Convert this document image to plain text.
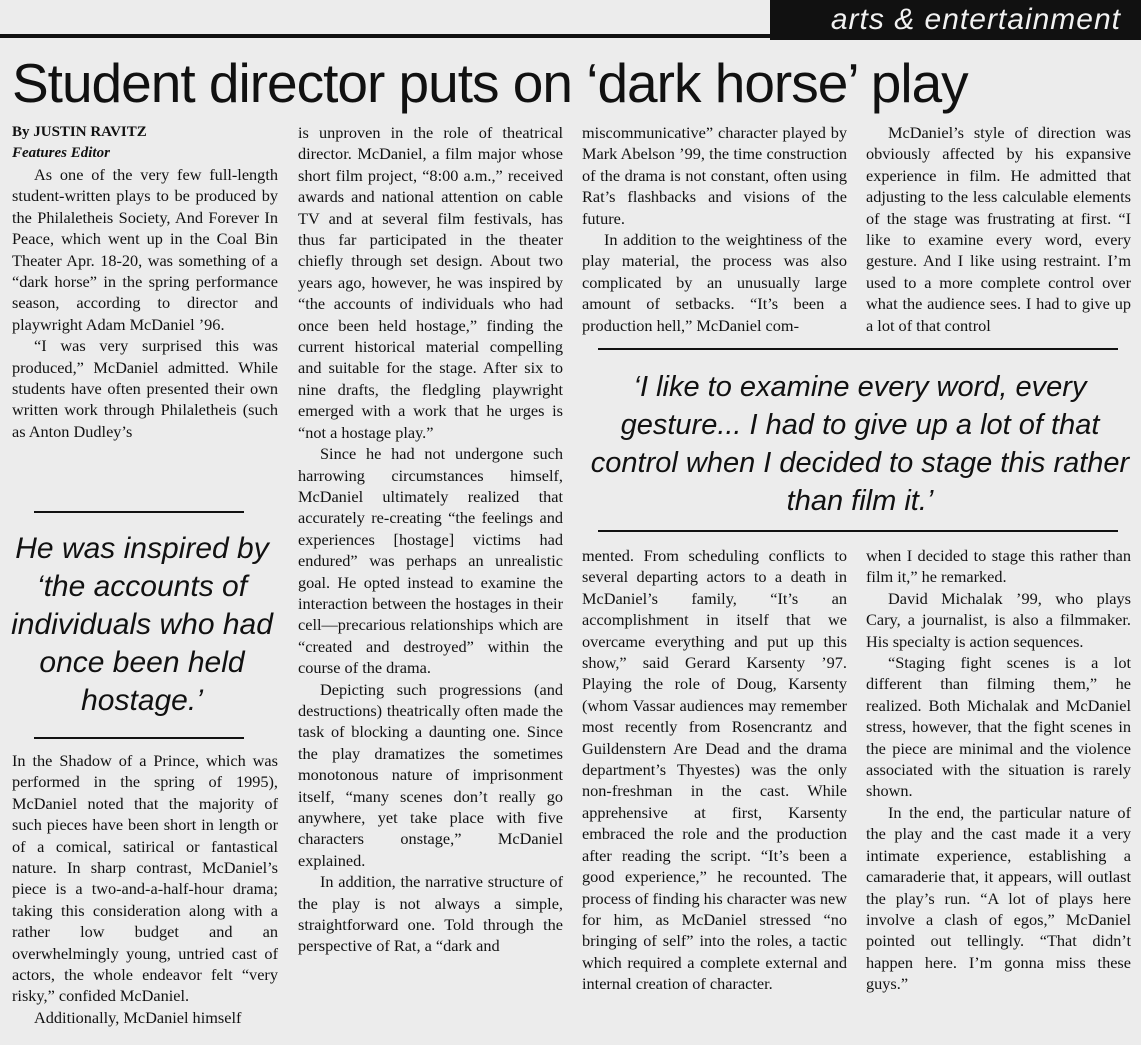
arts & entertainment
Student director puts on ‘dark horse’ play

By JUSTIN RAVITZ

Features Editor

As one of the very few full-length student-written plays to be produced by the Philaletheis Society, And Forever In Peace, which went up in the Coal Bin Theater Apr. 18-20, was something of a “dark horse” in the spring performance season, according to director and playwright Adam McDaniel ’96.

“I was very surprised this was produced,” McDaniel admitted. While students have often presented their own written work through Philaletheis (such as Anton Dudley’s

He was inspired by ‘the accounts of individuals who had once been held hostage.’

In the Shadow of a Prince, which was performed in the spring of 1995), McDaniel noted that the majority of such pieces have been short in length or of a comical, satirical or fantastical nature. In sharp contrast, McDaniel’s piece is a two-and-a-half-hour drama; taking this consideration along with a rather low budget and an overwhelmingly young, untried cast of actors, the whole endeavor felt “very risky,” confided McDaniel.

Additionally, McDaniel himself

is unproven in the role of theatrical director. McDaniel, a film major whose short film project, “8:00 a.m.,” received awards and national attention on cable TV and at several film festivals, has thus far participated in the theater chiefly through set design. About two years ago, however, he was inspired by “the accounts of individuals who had once been held hostage,” finding the current historical material compelling and suitable for the stage. After six to nine drafts, the fledgling playwright emerged with a work that he urges is “not a hostage play.”

Since he had not undergone such harrowing circumstances himself, McDaniel ultimately realized that accurately re-creating “the feelings and experiences [hostage] victims had endured” was perhaps an unrealistic goal. He opted instead to examine the interaction between the hostages in their cell—precarious relationships which are “created and destroyed” within the course of the drama.

Depicting such progressions (and destructions) theatrically often made the task of blocking a daunting one. Since the play dramatizes the sometimes monotonous nature of imprisonment itself, “many scenes don’t really go anywhere, yet take place with five characters onstage,” McDaniel explained.

In addition, the narrative structure of the play is not always a simple, straightforward one. Told through the perspective of Rat, a “dark and

miscommunicative” character played by Mark Abelson ’99, the time construction of the drama is not constant, often using Rat’s flashbacks and visions of the future.

In addition to the weightiness of the play material, the process was also complicated by an unusually large amount of setbacks. “It’s been a production hell,” McDaniel com-

McDaniel’s style of direction was obviously affected by his expansive experience in film. He admitted that adjusting to the less calculable elements of the stage was frustrating at first. “I like to examine every word, every gesture. And I like using restraint. I’m used to a more complete control over what the audience sees. I had to give up a lot of that control

‘I like to examine every word, every gesture... I had to give up a lot of that control when I decided to stage this rather than film it.’

mented. From scheduling conflicts to several departing actors to a death in McDaniel’s family, “It’s an accomplishment in itself that we overcame everything and put up this show,” said Gerard Karsenty ’97. Playing the role of Doug, Karsenty (whom Vassar audiences may remember most recently from Rosencrantz and Guildenstern Are Dead and the drama department’s Thyestes) was the only non-freshman in the cast. While apprehensive at first, Karsenty embraced the role and the production after reading the script. “It’s been a good experience,” he recounted. The process of finding his character was new for him, as McDaniel stressed “no bringing of self” into the roles, a tactic which required a complete external and internal creation of character.

when I decided to stage this rather than film it,” he remarked.

David Michalak ’99, who plays Cary, a journalist, is also a filmmaker. His specialty is action sequences.

“Staging fight scenes is a lot different than filming them,” he realized. Both Michalak and McDaniel stress, however, that the fight scenes in the piece are minimal and the violence associated with the situation is rarely shown.

In the end, the particular nature of the play and the cast made it a very intimate experience, establishing a camaraderie that, it appears, will outlast the play’s run. “A lot of plays here involve a clash of egos,” McDaniel pointed out tellingly. “That didn’t happen here. I’m gonna miss these guys.”
